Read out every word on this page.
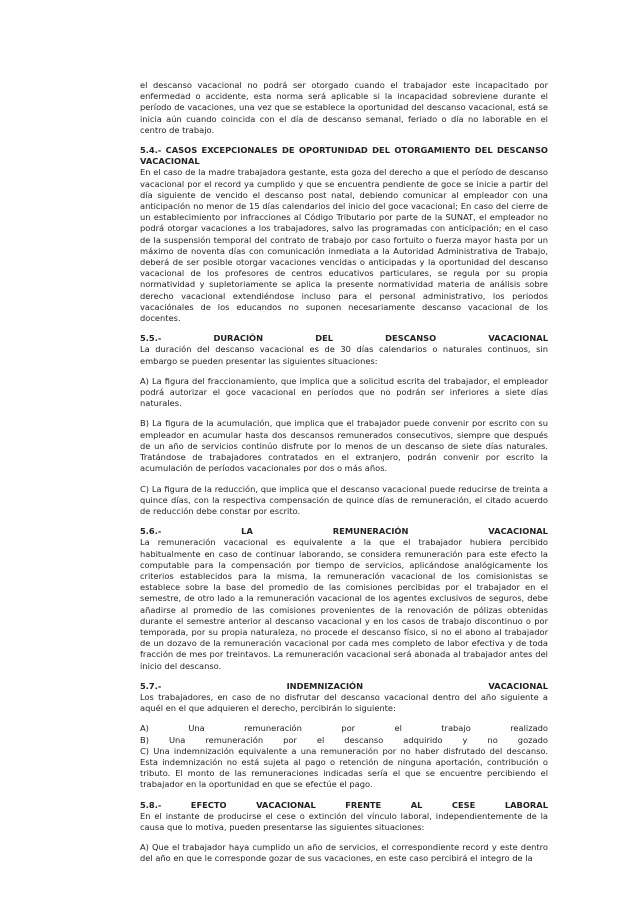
el descanso vacacional no podrá ser otorgado cuando el trabajador este incapacitado por enfermedad o accidente, esta norma será aplicable si la incapacidad sobreviene durante el período de vacaciones, una vez que se establece la oportunidad del descanso vacacional, está se inicia aún cuando coincida con el día de descanso semanal, feriado o día no laborable en el centro de trabajo.

5.4.- CASOS EXCEPCIONALES DE OPORTUNIDAD DEL OTORGAMIENTO DEL DESCANSO VACACIONAL

En el caso de la madre trabajadora gestante, esta goza del derecho a que el período de descanso vacacional por el record ya cumplido y que se encuentra pendiente de goce se inicie a partir del día siguiente de vencido el descanso post natal, debiendo comunicar al empleador con una anticipación no menor de 15 días calendarios del inicio del goce vacacional; En caso del cierre de un establecimiento por infracciones al Código Tributario por parte de la SUNAT, el empleador no podrá otorgar vacaciones a los trabajadores, salvo las programadas con anticipación; en el caso de la suspensión temporal del contrato de trabajo por caso fortuito o fuerza mayor hasta por un máximo de noventa días con comunicación inmediata a la Autoridad Administrativa de Trabajo, deberá de ser posible otorgar vacaciones vencidas o anticipadas y la oportunidad del descanso vacacional de los profesores de centros educativos particulares, se regula por su propia normatividad y supletoriamente se aplica la presente normatividad materia de análisis sobre derecho vacacional extendiéndose incluso para el personal administrativo, los periodos vacaciónales de los educandos no suponen necesariamente descanso vacacional de los docentes.

5.5.-	DURACIÓN	DEL	DESCANSO	VACACIONAL

La duración del descanso vacacional es de 30 días calendarios o naturales continuos, sin embargo se pueden presentar las siguientes situaciones:

A) La figura del fraccionamiento, que implica que a solicitud escrita del trabajador, el empleador podrá autorizar el goce vacacional en períodos que no podrán ser inferiores a siete días naturales.

B) La figura de la acumulación, que implica que el trabajador puede convenir por escrito con su empleador en acumular hasta dos descansos remunerados consecutivos, siempre que después de un año de servicios continúo disfrute por lo menos de un descanso de siete días naturales. Tratándose de trabajadores contratados en el extranjero, podrán convenir por escrito la acumulación de períodos vacacionales por dos o más años.

C) La figura de la reducción, que implica que el descanso vacacional puede reducirse de treinta a quince días, con la respectiva compensación de quince días de remuneración, el citado acuerdo de reducción debe constar por escrito.

5.6.-	LA	REMUNERACIÓN	VACACIONAL

La remuneración vacacional es equivalente a la que el trabajador hubiera percibido habitualmente en caso de continuar laborando, se considera remuneración para este efecto la computable para la compensación por tiempo de servicios, aplicándose analógicamente los criterios establecidos para la misma, la remuneración vacacional de los comisionistas se establece sobre la base del promedio de las comisiones percibidas por el trabajador en el semestre, de otro lado a la remuneración vacacional de los agentes exclusivos de seguros, debe añadirse al promedio de las comisiones provenientes de la renovación de pólizas obtenidas durante el semestre anterior al descanso vacacional y en los casos de trabajo discontinuo o por temporada, por su propia naturaleza, no procede el descanso físico, si no el abono al trabajador de un dozavo de la remuneración vacacional por cada mes completo de labor efectiva y de toda fracción de mes por treintavos. La remuneración vacacional será abonada al trabajador antes del inicio del descanso.

5.7.-	INDEMNIZACIÓN	VACACIONAL

Los trabajadores, en caso de no disfrutar del descanso vacacional dentro del año siguiente a aquél en el que adquieren el derecho, percibirán lo siguiente:

A)	Una	remuneración	por	el	trabajo	realizado
B) Una remuneración por el descanso adquirido y no gozado

C) Una indemnización equivalente a una remuneración por no haber disfrutado del descanso. Esta indemnización no está sujeta al pago o retención de ninguna aportación, contribución o tributo. El monto de las remuneraciones indicadas sería el que se encuentre percibiendo el trabajador en la oportunidad en que se efectúe el pago.

5.8.-	EFECTO	VACACIONAL	FRENTE	AL	CESE	LABORAL

En el instante de producirse el cese o extinción del vínculo laboral, independientemente de la causa que lo motiva, pueden presentarse las siguientes situaciones:

A) Que el trabajador haya cumplido un año de servicios, el correspondiente record y este dentro del año en que le corresponde gozar de sus vacaciones, en este caso percibirá el integro de la
